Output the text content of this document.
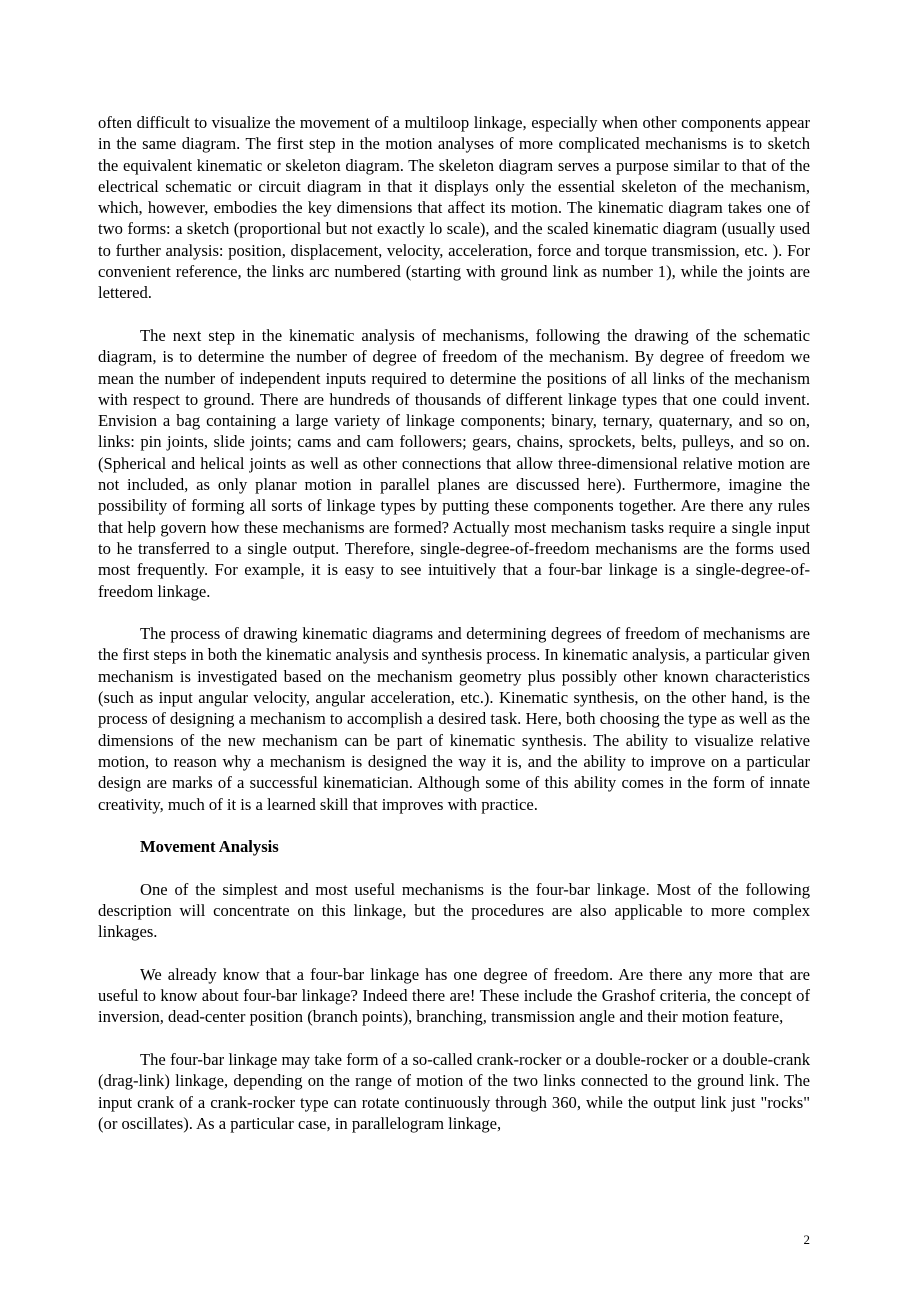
often difficult to visualize the movement of a multiloop linkage, especially when other components appear in the same diagram. The first step in the motion analyses of more complicated mechanisms is to sketch the equivalent kinematic or skeleton diagram. The skeleton diagram serves a purpose similar to that of the electrical schematic or circuit diagram in that it displays only the essential skeleton of the mechanism, which, however, embodies the key dimensions that affect its motion. The kinematic diagram takes one of two forms: a sketch (proportional but not exactly lo scale), and the scaled kinematic diagram (usually used to further analysis: position, displacement, velocity, acceleration, force and torque transmission, etc. ). For convenient reference, the links arc numbered (starting with ground link as number 1), while the joints are lettered.

The next step in the kinematic analysis of mechanisms, following the drawing of the schematic diagram, is to determine the number of degree of freedom of the mechanism. By degree of freedom we mean the number of independent inputs required to determine the positions of all links of the mechanism with respect to ground. There are hundreds of thousands of different linkage types that one could invent. Envision a bag containing a large variety of linkage components; binary, ternary, quaternary, and so on, links: pin joints, slide joints; cams and cam followers; gears, chains, sprockets, belts, pulleys, and so on. (Spherical and helical joints as well as other connections that allow three-dimensional relative motion are not included, as only planar motion in parallel planes are discussed here). Furthermore, imagine the possibility of forming all sorts of linkage types by putting these components together. Are there any rules that help govern how these mechanisms are formed? Actually most mechanism tasks require a single input to he transferred to a single output. Therefore, single-degree-of-freedom mechanisms are the forms used most frequently. For example, it is easy to see intuitively that a four-bar linkage is a single-degree-of-freedom linkage.

The process of drawing kinematic diagrams and determining degrees of freedom of mechanisms are the first steps in both the kinematic analysis and synthesis process. In kinematic analysis, a particular given mechanism is investigated based on the mechanism geometry plus possibly other known characteristics (such as input angular velocity, angular acceleration, etc.). Kinematic synthesis, on the other hand, is the process of designing a mechanism to accomplish a desired task. Here, both choosing the type as well as the dimensions of the new mechanism can be part of kinematic synthesis. The ability to visualize relative motion, to reason why a mechanism is designed the way it is, and the ability to improve on a particular design are marks of a successful kinematician. Although some of this ability comes in the form of innate creativity, much of it is a learned skill that improves with practice.

Movement Analysis

One of the simplest and most useful mechanisms is the four-bar linkage. Most of the following description will concentrate on this linkage, but the procedures are also applicable to more complex linkages.

We already know that a four-bar linkage has one degree of freedom. Are there any more that are useful to know about four-bar linkage? Indeed there are! These include the Grashof criteria, the concept of inversion, dead-center position (branch points), branching, transmission angle and their motion feature,

The four-bar linkage may take form of a so-called crank-rocker or a double-rocker or a double-crank (drag-link) linkage, depending on the range of motion of the two links connected to the ground link. The input crank of a crank-rocker type can rotate continuously through 360, while the output link just "rocks" (or oscillates). As a particular case, in parallelogram linkage,

2
